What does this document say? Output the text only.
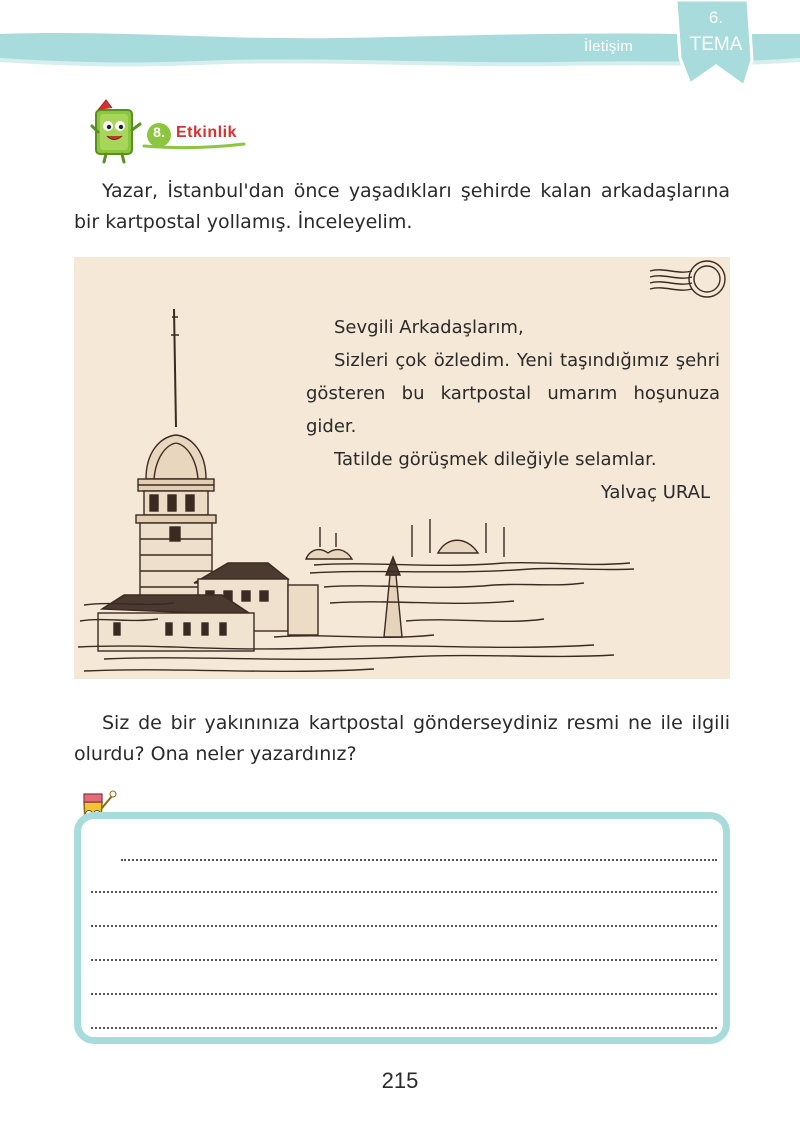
İletişim
6.
TEMA
8. Etkinlik
Yazar, İstanbul'dan önce yaşadıkları şehirde kalan arkadaşlarına
bir kartpostal yollamış. İnceleyelim.
Sevgili Arkadaşlarım,
Sizleri çok özledim. Yeni taşındığımız şehri
gösteren bu kartpostal umarım hoşunuza
gider.
Tatilde görüşmek dileğiyle selamlar.
Yalvaç URAL
Siz de bir yakınınıza kartpostal gönderseydiniz resmi ne ile ilgili
olurdu? Ona neler yazardınız?
215
